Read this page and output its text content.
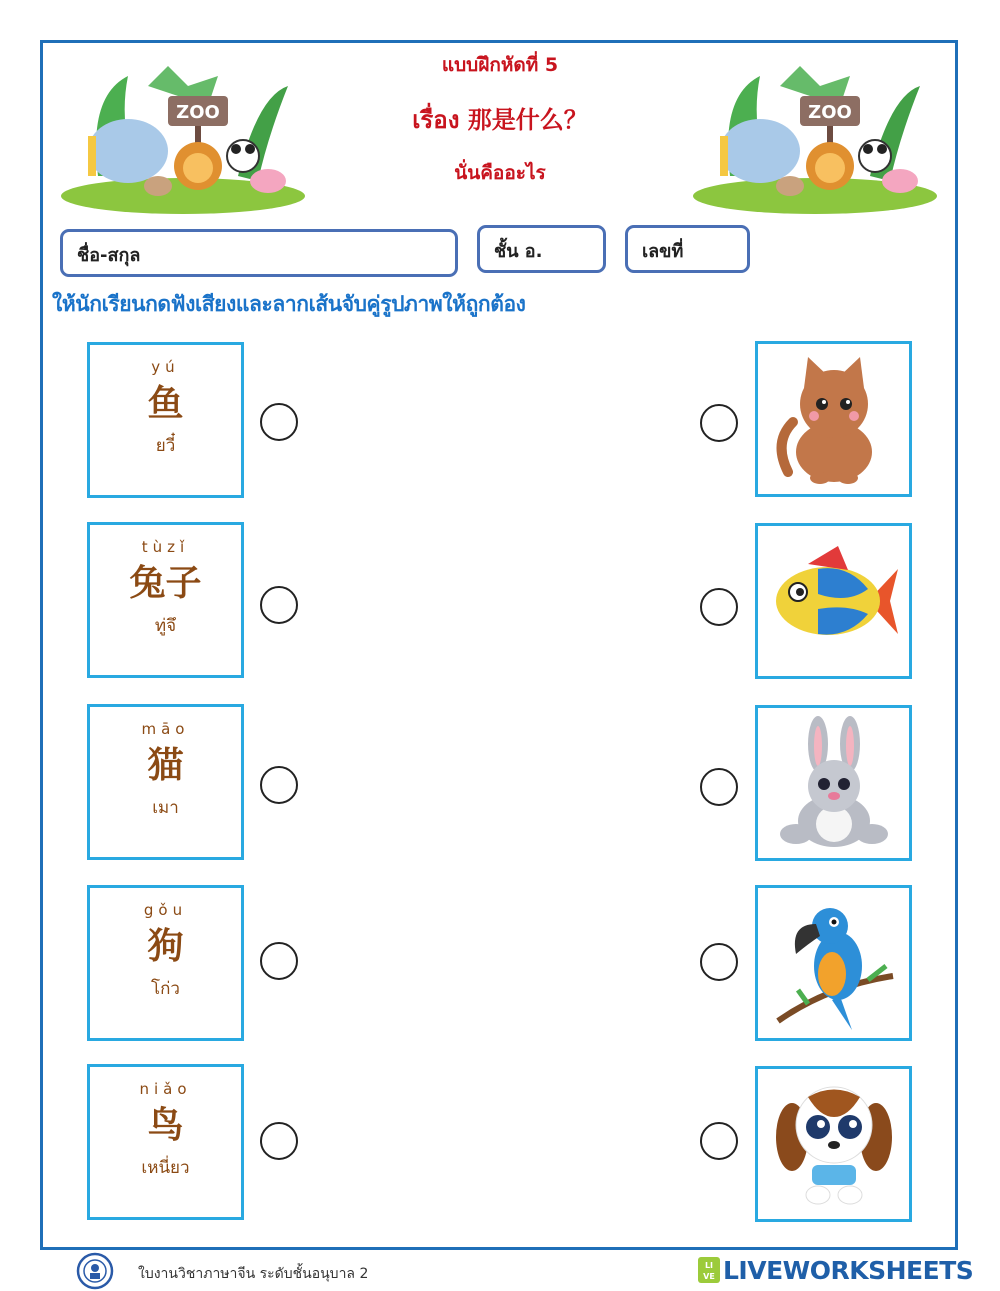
ZOO	ZOO
แบบฝึกหัดที่ 5
เรื่อง 那是什么？
นั่นคืออะไร
ชื่อ-สกุล	ชั้น อ.	เลขที่
ให้นักเรียนกดฟังเสียงและลากเส้นจับคู่รูปภาพให้ถูกต้อง
yú
鱼
ยวี๋
tùzǐ
兔子
ทู่จึ
māo
猫
เมา
gǒu
狗
โก่ว
niǎo
鸟
เหนี่ยว
ใบงานวิชาภาษาจีน ระดับชั้นอนุบาล 2
LI
VE LIVEWORKSHEETS
